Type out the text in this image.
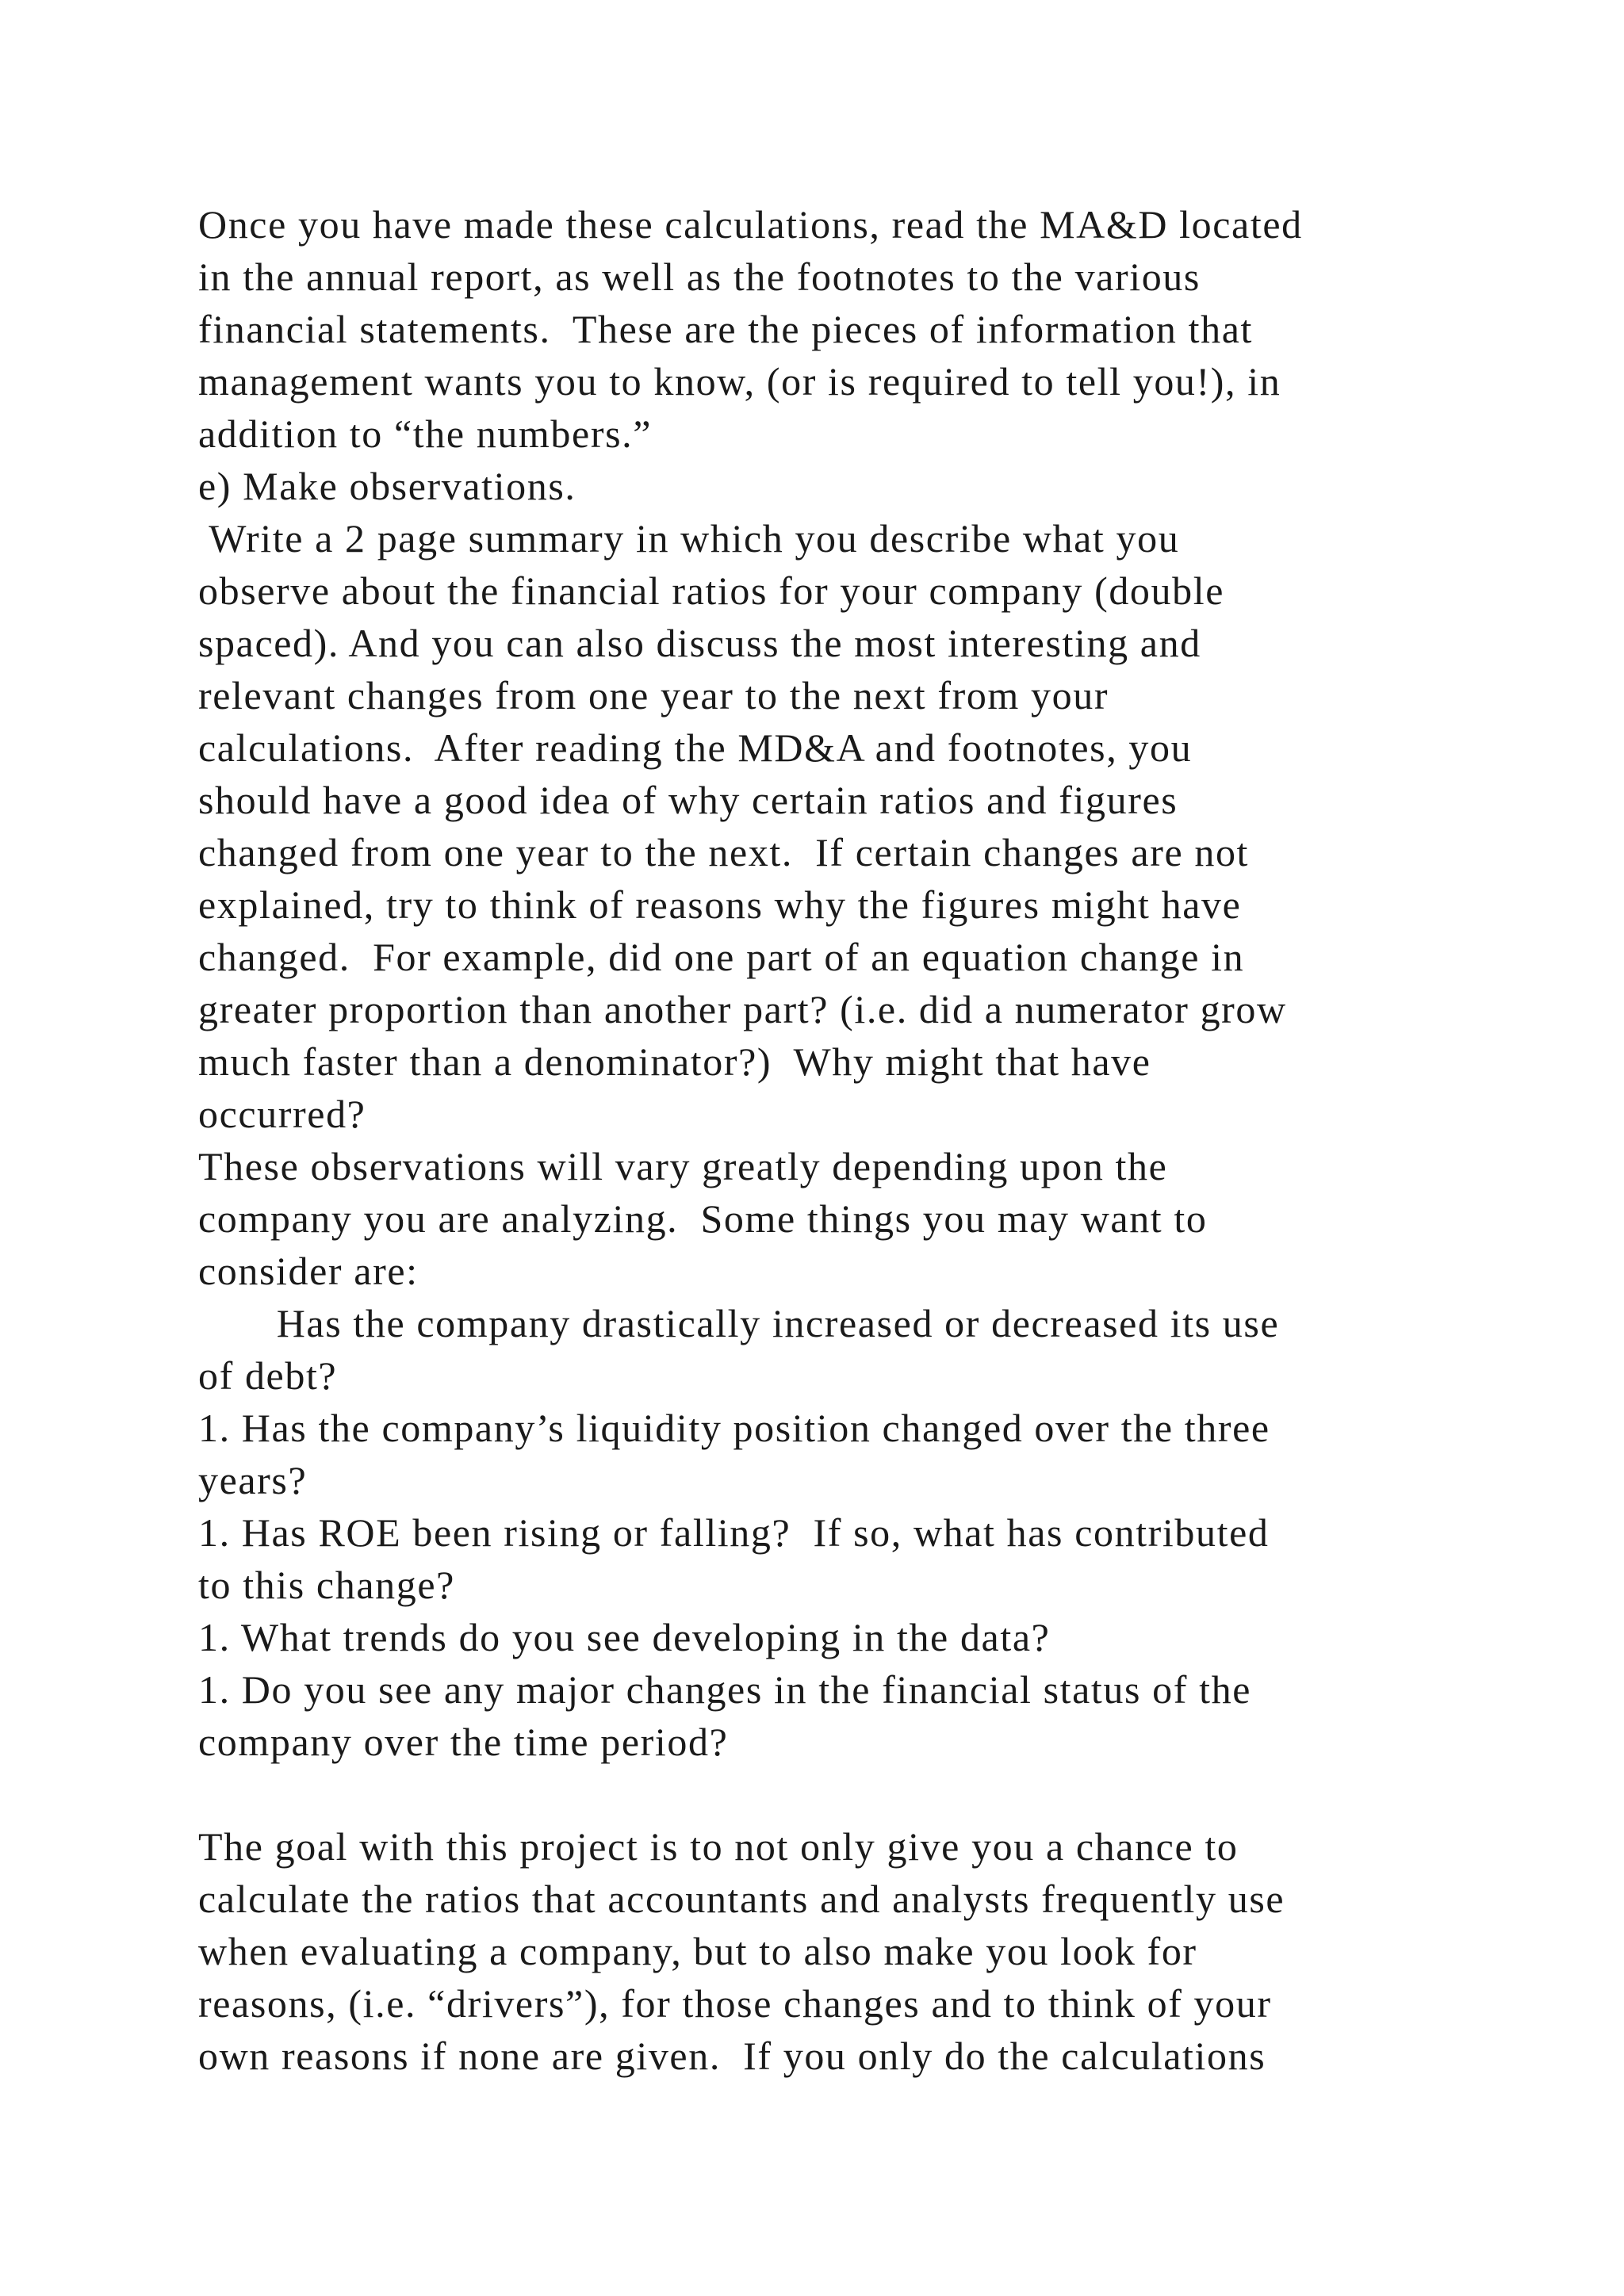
Once you have made these calculations, read the MA&D located
in the annual report, as well as the footnotes to the various
financial statements.  These are the pieces of information that
management wants you to know, (or is required to tell you!), in
addition to “the numbers.”
e) Make observations.
Write a 2 page summary in which you describe what you
observe about the financial ratios for your company (double
spaced). And you can also discuss the most interesting and
relevant changes from one year to the next from your
calculations.  After reading the MD&A and footnotes, you
should have a good idea of why certain ratios and figures
changed from one year to the next.  If certain changes are not
explained, try to think of reasons why the figures might have
changed.  For example, did one part of an equation change in
greater proportion than another part? (i.e. did a numerator grow
much faster than a denominator?)  Why might that have
occurred?
These observations will vary greatly depending upon the
company you are analyzing.  Some things you may want to
consider are:
Has the company drastically increased or decreased its use
of debt?
1. Has the company’s liquidity position changed over the three
years?
1. Has ROE been rising or falling?  If so, what has contributed
to this change?
1. What trends do you see developing in the data?
1. Do you see any major changes in the financial status of the
company over the time period?
The goal with this project is to not only give you a chance to
calculate the ratios that accountants and analysts frequently use
when evaluating a company, but to also make you look for
reasons, (i.e. “drivers”), for those changes and to think of your
own reasons if none are given.  If you only do the calculations
